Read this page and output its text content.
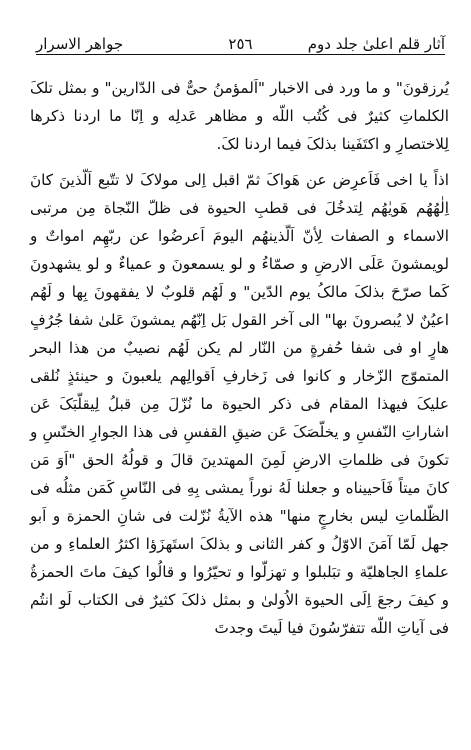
آثار قلم اعلیٰ جلد دوم
٢٥٦
جواهر الاسرار

يُرزقونَ" و ما ورد فی الاخبار "اَلمؤمنُ حیٌّ فی الدّارین" و بمثل تلکَ الکلماتِ کثیرٌ فی کُتُب اللّه و مظاهر عَدلِه و اِنّا ما اردنا ذکرها لِلاختصارِ و اکتَفَینا بذلکَ فیما اردنا لکَ.

اذاً یا اخی فَاَعرِض عن هَواکَ ثمّ اقبل اِلی مولاکَ لا تتّبع اَلّذینَ کانَ اِلٰهُهُم هَویٰهُم لِتدخُلَ فی قطبِ الحیوة فی ظلّ النّجاة مِن مرتبی الاسماء و الصفات لِأنّ اَلّذینهُم الیومَ اَعرضُوا عن ربّهِم امواتٌ و لویمشونَ عَلَی الارضِ و صمّاءُ و لو یسمعونَ و عمیاءٌ و لو یشهدونَ کَما صرّحَ بذلکَ مالکُ یوم الدّین" و لَهُم قلوبٌ لا یفقهونَ بِها و لَهُم اعیُنٌ لا یُبصرونَ بها" الی آخر القول بَل اِنّهُم یمشونَ عَلیٰ شفا جُرُفٍ هارٍ او فی شفا حُفرةٍ من النّار لم یکن لَهُم نصیبٌ من هذا البحر المتموّج الزّخار و کانوا فی زَخارفِ اَقوالِهم یلعبونَ و حینئذٍ نُلقی علیکَ فیهذا المقام فی ذکر الحیوة ما نُزّلَ مِن قبلُ لِیقلّبَکَ عَن اشاراتِ النّفسِ و یخلّصَکَ عَن ضیقِ القفسِ فی هذا الجوارِ الخنّسِ و تکونَ فی ظلماتِ الارضِ لَمِنَ المهتدینَ قالَ و قولُهُ الحق "اَوَ مَن کانَ میتاً فَاَحییناه و جعلنا لَهُ نوراً یمشی بِهِ فی النّاسِ کَمَن مثلُه فی الظّلماتِ لیس بخارجٍ منها" هذه الآیةُ نُزّلت فی شانِ الحمزة و اَبو جهل لَمّا آمَنَ الاوّلُ و کفر الثانی و بذلکَ استَهزَؤا اکثرُ العلماءِ و من علماءِ الجاهلیّة و تبَلبلوا و تهزلّوا و تحیّرُوا و قالُوا کیفَ ماتَ الحمزةُ و کیفَ رجعَ اِلَی الحیوة الاُولیٰ و بمثل ذلکَ کثیرٌ فی الکتاب لَو انتُم فی آیاتِ اللّه تتفرّسُونَ فیا لَیتَ وجدتَ
